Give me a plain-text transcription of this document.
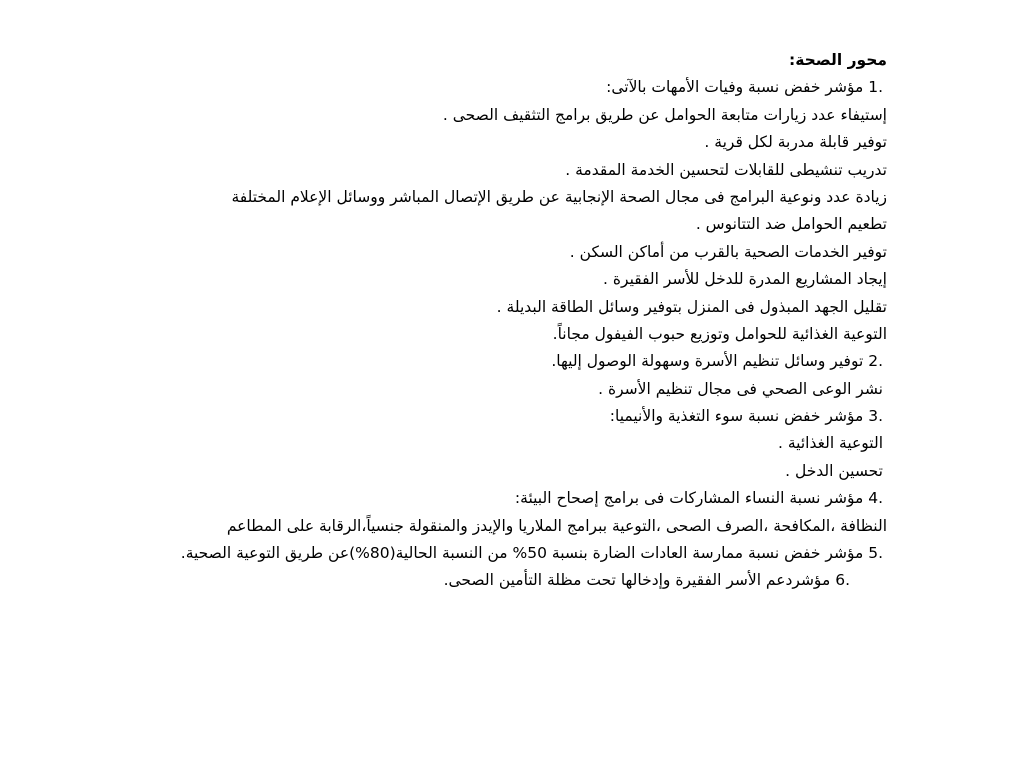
محور الصحة:
.1 مؤشر خفض نسبة وفيات الأمهات بالآتى:
إستيفاء عدد زيارات متابعة الحوامل عن طريق برامج التثقيف الصحى .
توفير قابلة مدربة لكل قرية .
تدريب تنشيطى للقابلات لتحسين الخدمة المقدمة .
زيادة عدد ونوعية البرامج فى مجال الصحة الإنجابية عن طريق الإتصال المباشر ووسائل الإعلام المختلفة
تطعيم الحوامل ضد التتانوس .
توفير الخدمات الصحية بالقرب من أماكن السكن .
إيجاد المشاريع المدرة للدخل للأسر الفقيرة .
تقليل الجهد المبذول فى المنزل بتوفير وسائل الطاقة البديلة .
التوعية الغذائية للحوامل وتوزيع حبوب الفيفول مجاناً.
.2 توفير وسائل تنظيم الأسرة وسهولة الوصول إليها.
نشر الوعى الصحي فى مجال تنظيم الأسرة .
.3 مؤشر خفض نسبة سوء التغذية والأنيميا:
التوعية الغذائية .
تحسين الدخل .
.4 مؤشر نسبة النساء المشاركات فى برامج إصحاح البيئة:
النظافة ،المكافحة ،الصرف الصحى ،التوعية ببرامج الملاريا والإيدز والمنقولة جنسياً،الرقابة على المطاعم
.5 مؤشر خفض نسبة ممارسة العادات الضارة بنسبة 50% من النسبة الحالية(80%)عن طريق التوعية الصحية.
.6 مؤشردعم الأسر الفقيرة وإدخالها تحت مظلة التأمين الصحى.
